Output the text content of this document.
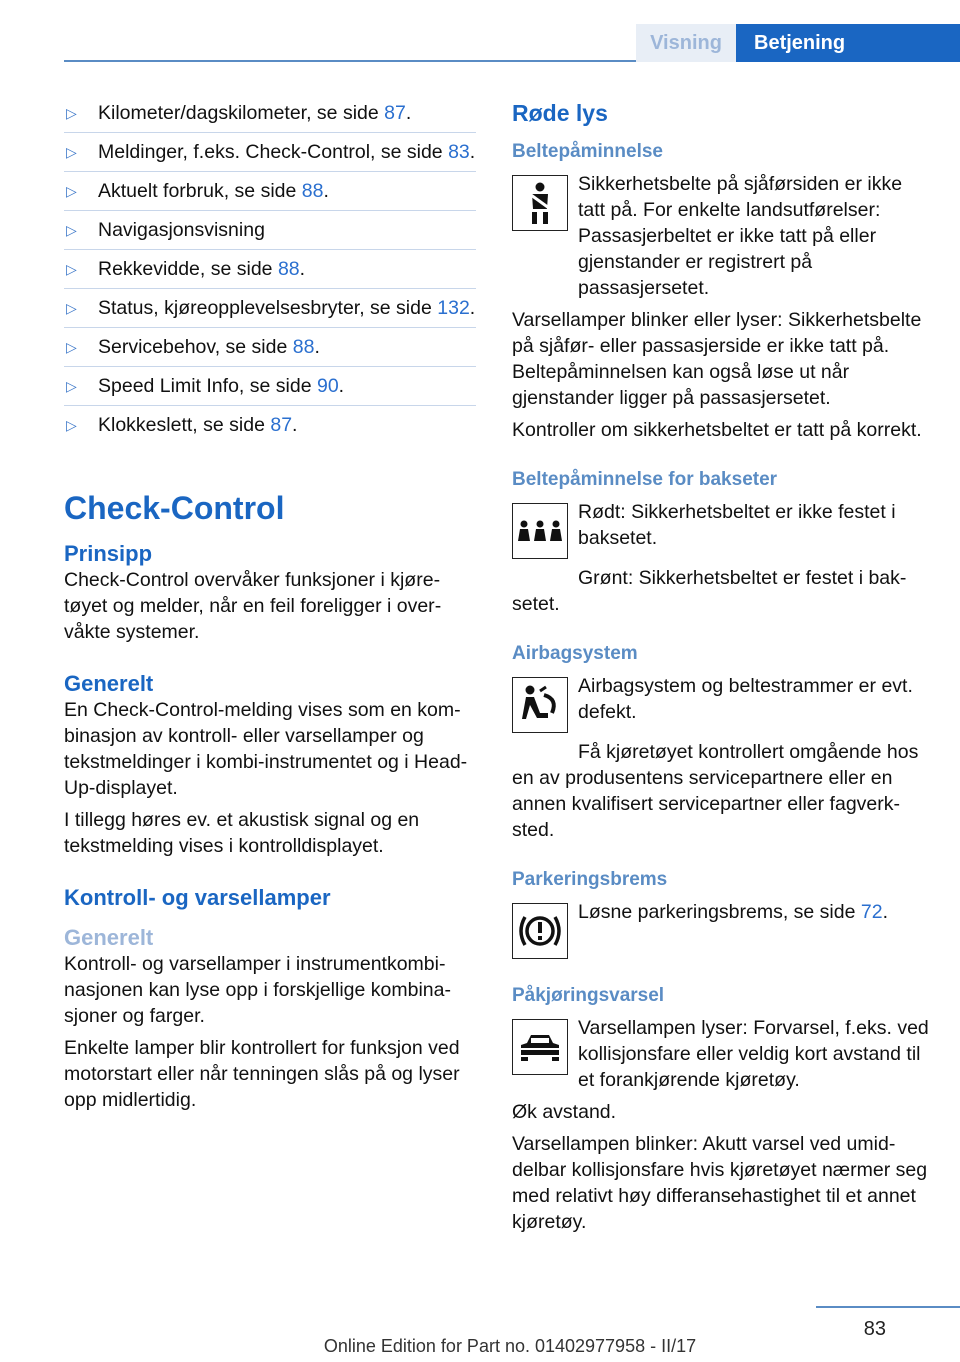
Visning	Betjening
▷ Kilometer/dagskilometer, se side 87.
▷ Meldinger, f.eks. Check-Control, se side 83.
▷ Aktuelt forbruk, se side 88.
▷ Navigasjonsvisning
▷ Rekkevidde, se side 88.
▷ Status, kjøreopplevelsesbryter, se side 132.
▷ Servicebehov, se side 88.
▷ Speed Limit Info, se side 90.
▷ Klokkeslett, se side 87.
Check-Control
Prinsipp

Check-Control overvåker funksjoner i kjøretøyet og melder, når en feil foreligger i overvåkte systemer.

Generelt

En Check-Control-melding vises som en kombinasjon av kontroll- eller varsellamper og tekstmeldinger i kombi-instrumentet og i Head-Up-displayet.

I tillegg høres ev. et akustisk signal og en tekstmelding vises i kontrolldisplayet.

Kontroll- og varsellamper
Generelt

Kontroll- og varsellamper i instrumentkombinasjonen kan lyse opp i forskjellige kombinasjoner og farger.

Enkelte lamper blir kontrollert for funksjon ved motorstart eller når tenningen slås på og lyser opp midlertidig.

Røde lys
Beltepåminnelse

Sikkerhetsbelte på sjåførsiden er ikke tatt på. For enkelte landsutførelser: Passasjerbeltet er ikke tatt på eller gjenstander er registrert på passasjersetet.

Varsellamper blinker eller lyser: Sikkerhetsbelte på sjåfør- eller passasjerside er ikke tatt på. Beltepåminnelsen kan også løse ut når gjenstander ligger på passasjersetet.

Kontroller om sikkerhetsbeltet er tatt på korrekt.

Beltepåminnelse for bakseter

Rødt: Sikkerhetsbeltet er ikke festet i baksetet.

Grønt: Sikkerhetsbeltet er festet i baksetet.

Airbagsystem

Airbagsystem og beltestrammer er evt. defekt.

Få kjøretøyet kontrollert omgående hos en av produsentens servicepartnere eller en annen kvalifisert servicepartner eller fagverksted.

Parkeringsbrems

Løsne parkeringsbrems, se side 72.

Påkjøringsvarsel

Varsellampen lyser: Forvarsel, f.eks. ved kollisjonsfare eller veldig kort avstand til et forankjørende kjøretøy.

Øk avstand.

Varsellampen blinker: Akutt varsel ved umiddelbar kollisjonsfare hvis kjøretøyet nærmer seg med relativt høy differansehastighet til et annet kjøretøy.

83
Online Edition for Part no. 01402977958 - II/17
